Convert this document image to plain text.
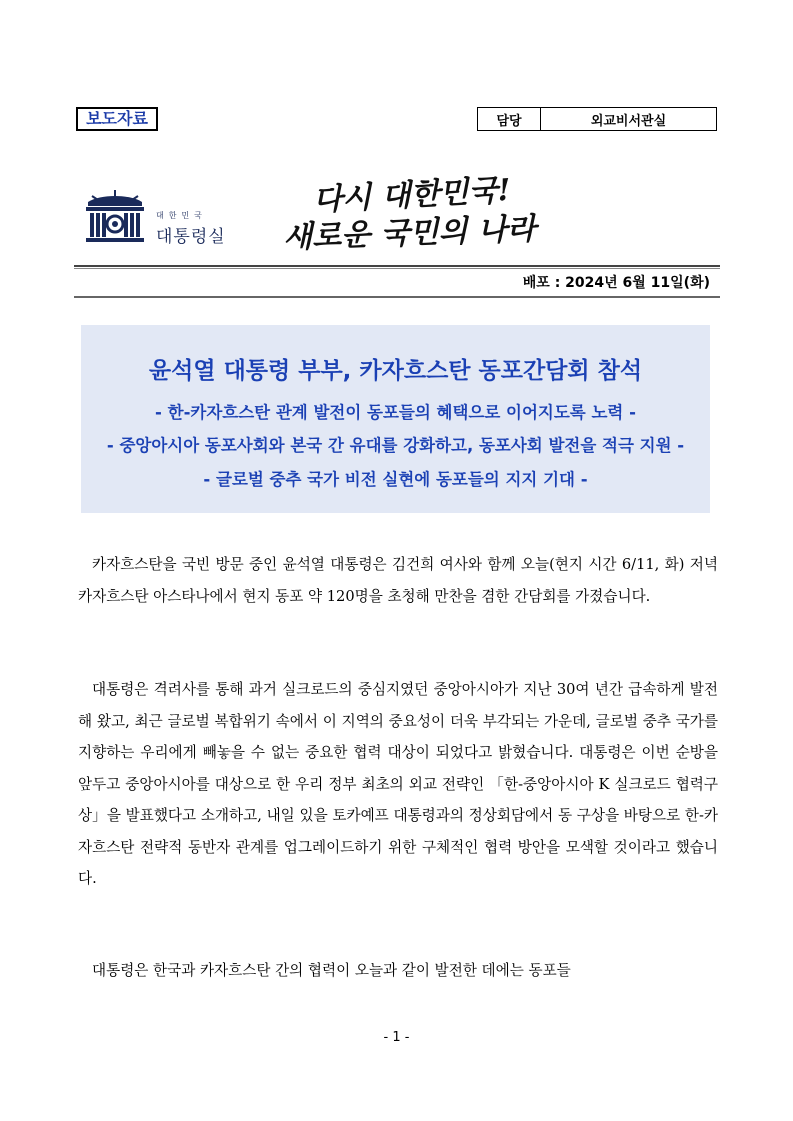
보도자료	담당	외교비서관실
대한민국
대통령실
다시 대한민국!
새로운 국민의 나라
배포 : 2024년 6월 11일(화)
윤석열 대통령 부부, 카자흐스탄 동포간담회 참석
- 한-카자흐스탄 관계 발전이 동포들의 혜택으로 이어지도록 노력 -
- 중앙아시아 동포사회와 본국 간 유대를 강화하고, 동포사회 발전을 적극 지원 -
- 글로벌 중추 국가 비전 실현에 동포들의 지지 기대 -
카자흐스탄을 국빈 방문 중인 윤석열 대통령은 김건희 여사와 함께 오늘(현지 시간 6/11, 화) 저녁 카자흐스탄 아스타나에서 현지 동포 약 120명을 초청해 만찬을 겸한 간담회를 가졌습니다.
대통령은 격려사를 통해 과거 실크로드의 중심지였던 중앙아시아가 지난 30여 년간 급속하게 발전해 왔고, 최근 글로벌 복합위기 속에서 이 지역의 중요성이 더욱 부각되는 가운데, 글로벌 중추 국가를 지향하는 우리에게 빼놓을 수 없는 중요한 협력 대상이 되었다고 밝혔습니다. 대통령은 이번 순방을 앞두고 중앙아시아를 대상으로 한 우리 정부 최초의 외교 전략인 「한-중앙아시아 K 실크로드 협력구상」을 발표했다고 소개하고, 내일 있을 토카예프 대통령과의 정상회담에서 동 구상을 바탕으로 한-카자흐스탄 전략적 동반자 관계를 업그레이드하기 위한 구체적인 협력 방안을 모색할 것이라고 했습니다.
대통령은 한국과 카자흐스탄 간의 협력이 오늘과 같이 발전한 데에는 동포들
- 1 -
